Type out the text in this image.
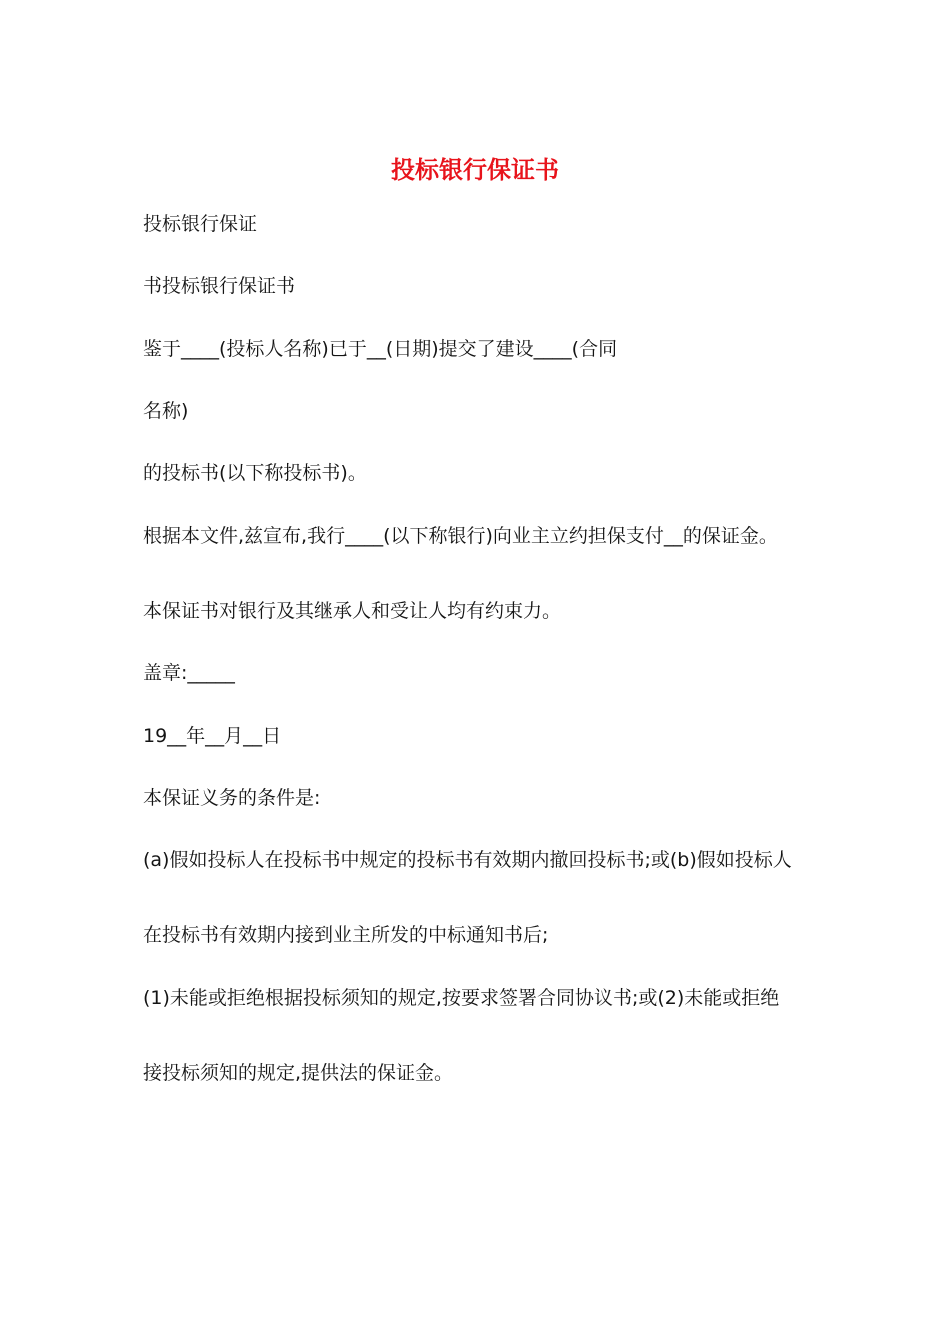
投标银行保证书
投标银行保证
书投标银行保证书
鉴于____(投标人名称)已于__(日期)提交了建设____(合同
名称)
的投标书(以下称投标书)。
根据本文件,兹宣布,我行____(以下称银行)向业主立约担保支付__的保证金。
本保证书对银行及其继承人和受让人均有约束力。
盖章:_____
19__年__月__日
本保证义务的条件是:
(a)假如投标人在投标书中规定的投标书有效期内撤回投标书;或(b)假如投标人
在投标书有效期内接到业主所发的中标通知书后;
(1)未能或拒绝根据投标须知的规定,按要求签署合同协议书;或(2)未能或拒绝
接投标须知的规定,提供法的保证金。
